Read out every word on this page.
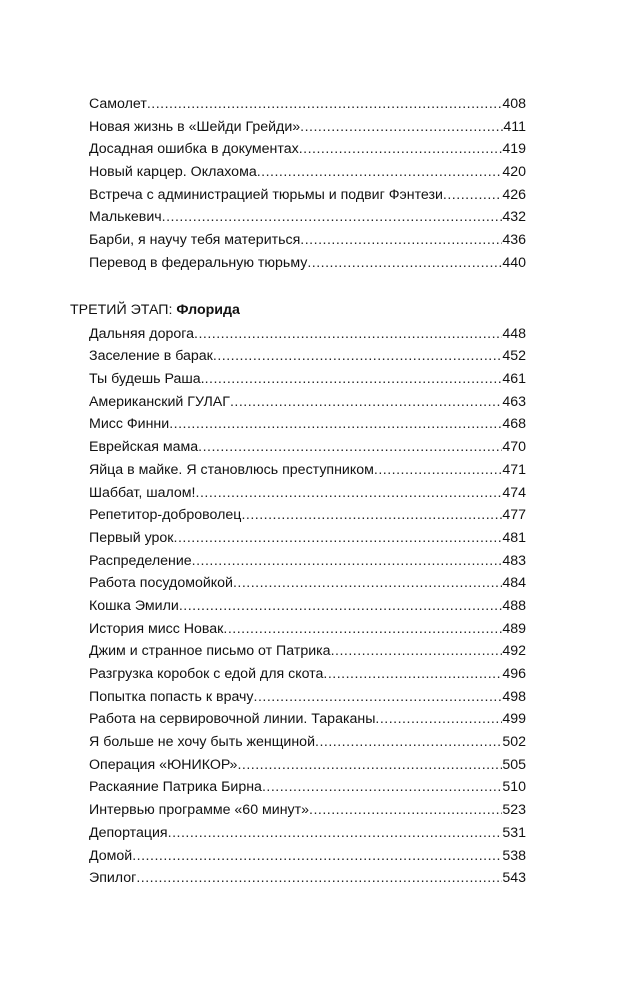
Самолет .....	408
Новая жизнь в «Шейди Грейди» .....	411
Досадная ошибка в документах .....	419
Новый карцер. Оклахома .....	420
Встреча с администрацией тюрьмы и подвиг Фэнтези .....	426
Малькевич .....	432
Барби, я научу тебя материться .....	436
Перевод в федеральную тюрьму .....	440
ТРЕТИЙ ЭТАП: Флорида
Дальняя дорога .....	448
Заселение в барак .....	452
Ты будешь Раша. .....	461
Американский ГУЛАГ .....	463
Мисс Финни .....	468
Еврейская мама .....	470
Яйца в майке. Я становлюсь преступником .....	471
Шаббат, шалом! .....	474
Репетитор-доброволец .....	477
Первый урок .....	481
Распределение .....	483
Работа посудомойкой .....	484
Кошка Эмили .....	488
История мисс Новак .....	489
Джим и странное письмо от Патрика .....	492
Разгрузка коробок с едой для скота .....	496
Попытка попасть к врачу .....	498
Работа на сервировочной линии. Тараканы .....	499
Я больше не хочу быть женщиной .....	502
Операция «ЮНИКОР» .....	505
Раскаяние Патрика Бирна .....	510
Интервью программе «60 минут» .....	523
Депортация .....	531
Домой .....	538
Эпилог .....	543
